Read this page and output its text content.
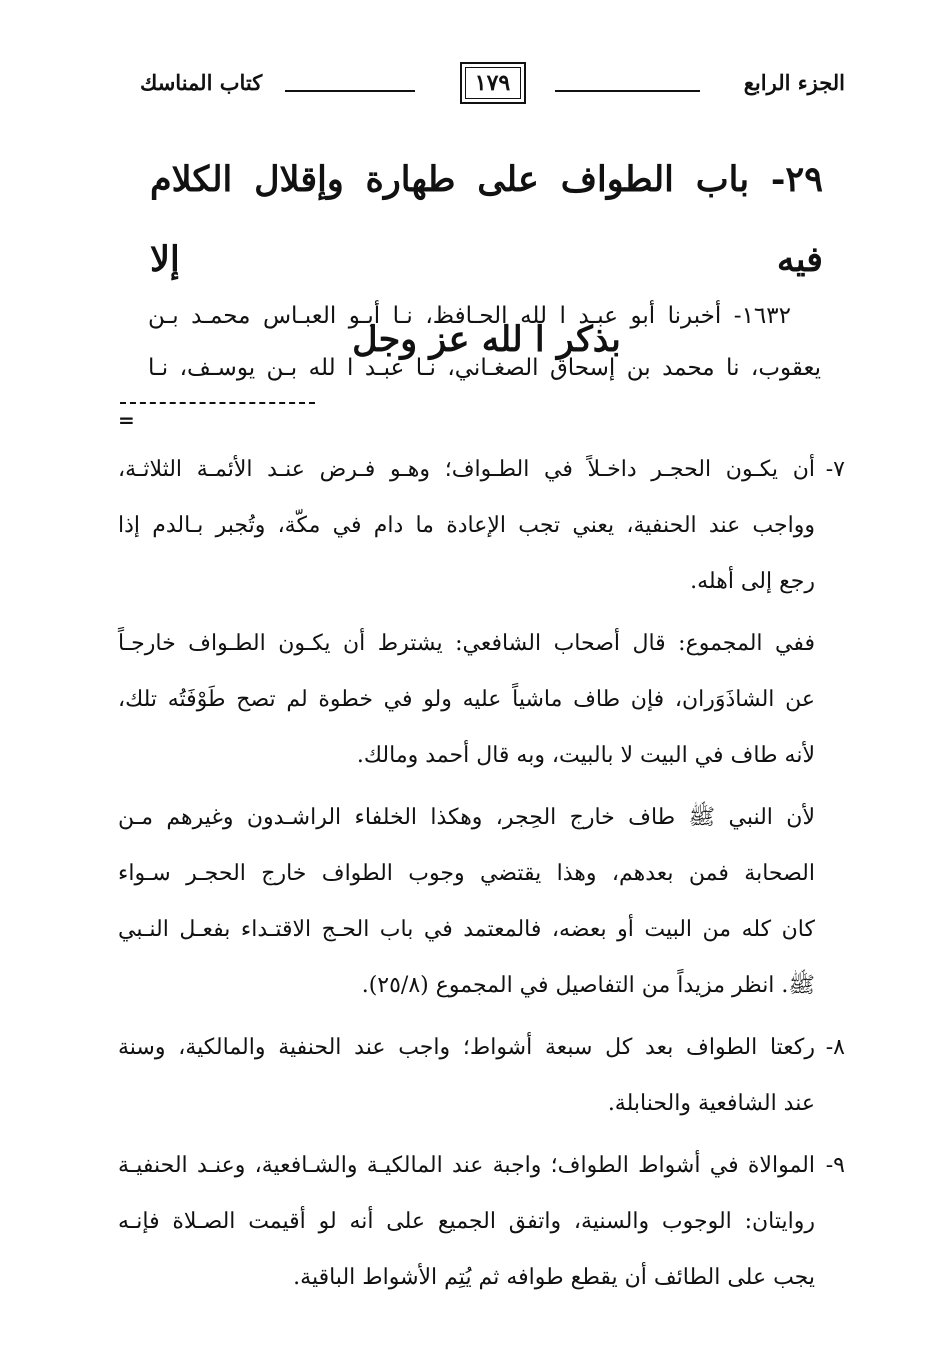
الجزء الرابع
١٧٩
كتاب المناسك
٢٩- باب الطواف على طهارة وإقلال الكلام فيه إلا
بذكر ا لله عز وجل
١٦٣٢- أخبرنا أبو عبـد ا لله الحـافظ، نـا أبـو العبـاس محمـد بـن
يعقوب، نا محمد بن إسحاق الصغـاني، نـا عبـد ا لله بـن يوسـف، نـا
=
٧-
أن يكـون الحجـر داخـلاً في الطـواف؛ وهـو فـرض عنـد الأئمـة الثلاثـة،
وواجب عند الحنفية، يعني تجب الإعادة ما دام في مكّة، وتُجبر بـالدم إذا
رجع إلى أهله.
ففي المجموع: قال أصحاب الشافعي: يشترط أن يكـون الطـواف خارجـاً
عن الشاذَوَران، فإن طاف ماشياً عليه ولو في خطوة لم تصح طَوْفَتُه تلك،
لأنه طاف في البيت لا بالبيت، وبه قال أحمد ومالك.
لأن النبي ﷺ طاف خارج الحِجر، وهكذا الخلفاء الراشـدون وغيرهم مـن
الصحابة فمن بعدهم، وهذا يقتضي وجوب الطواف خارج الحجـر سـواء
كان كله من البيت أو بعضه، فالمعتمد في باب الحـج الاقتـداء بفعـل النـبي
ﷺ. انظر مزيداً من التفاصيل في المجموع (٢٥/٨).
٨-
ركعتا الطواف بعد كل سبعة أشواط؛ واجب عند الحنفية والمالكية، وسنة
عند الشافعية والحنابلة.
٩-
الموالاة في أشواط الطواف؛ واجبة عند المالكيـة والشـافعية، وعنـد الحنفيـة
روايتان: الوجوب والسنية، واتفق الجميع على أنه لو أقيمت الصـلاة فإنـه
يجب على الطائف أن يقطع طوافه ثم يُتِم الأشواط الباقية.
